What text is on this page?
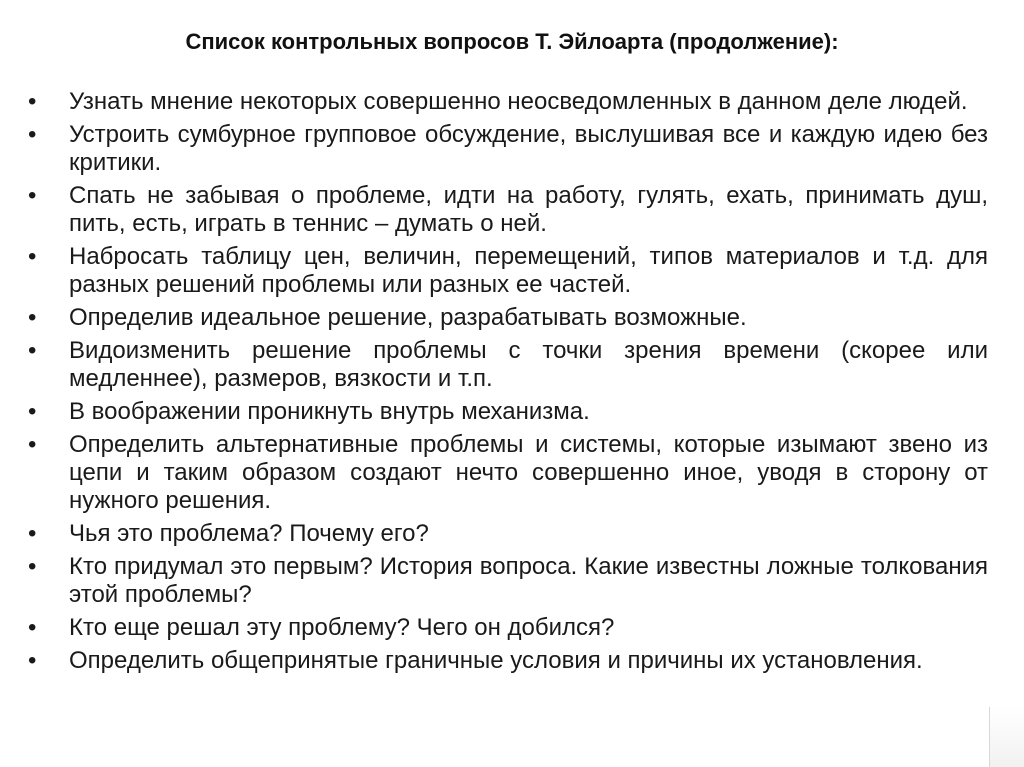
Список контрольных вопросов Т. Эйлоарта (продолжение):
•	Узнать мнение некоторых совершенно неосведомленных в данном деле людей.
•	Устроить сумбурное групповое обсуждение, выслушивая все и каждую идею без критики.
•	Спать не забывая о проблеме, идти на работу, гулять, ехать, принимать душ, пить, есть, играть в теннис – думать о ней.
•	Набросать таблицу цен, величин, перемещений, типов материалов и т.д. для разных решений проблемы или разных ее частей.
•	Определив идеальное решение, разрабатывать возможные.
•	Видоизменить решение проблемы с точки зрения времени (скорее или медленнее), размеров, вязкости и т.п.
•	В воображении проникнуть внутрь механизма.
•	Определить альтернативные проблемы и системы, которые изымают звено из цепи и таким образом создают нечто совершенно иное, уводя в сторону от нужного решения.
•	Чья это проблема? Почему его?
•	Кто придумал это первым? История вопроса. Какие известны ложные толкования этой проблемы?
•	Кто еще решал эту проблему? Чего он добился?
•	Определить общепринятые граничные условия и причины их установления.
